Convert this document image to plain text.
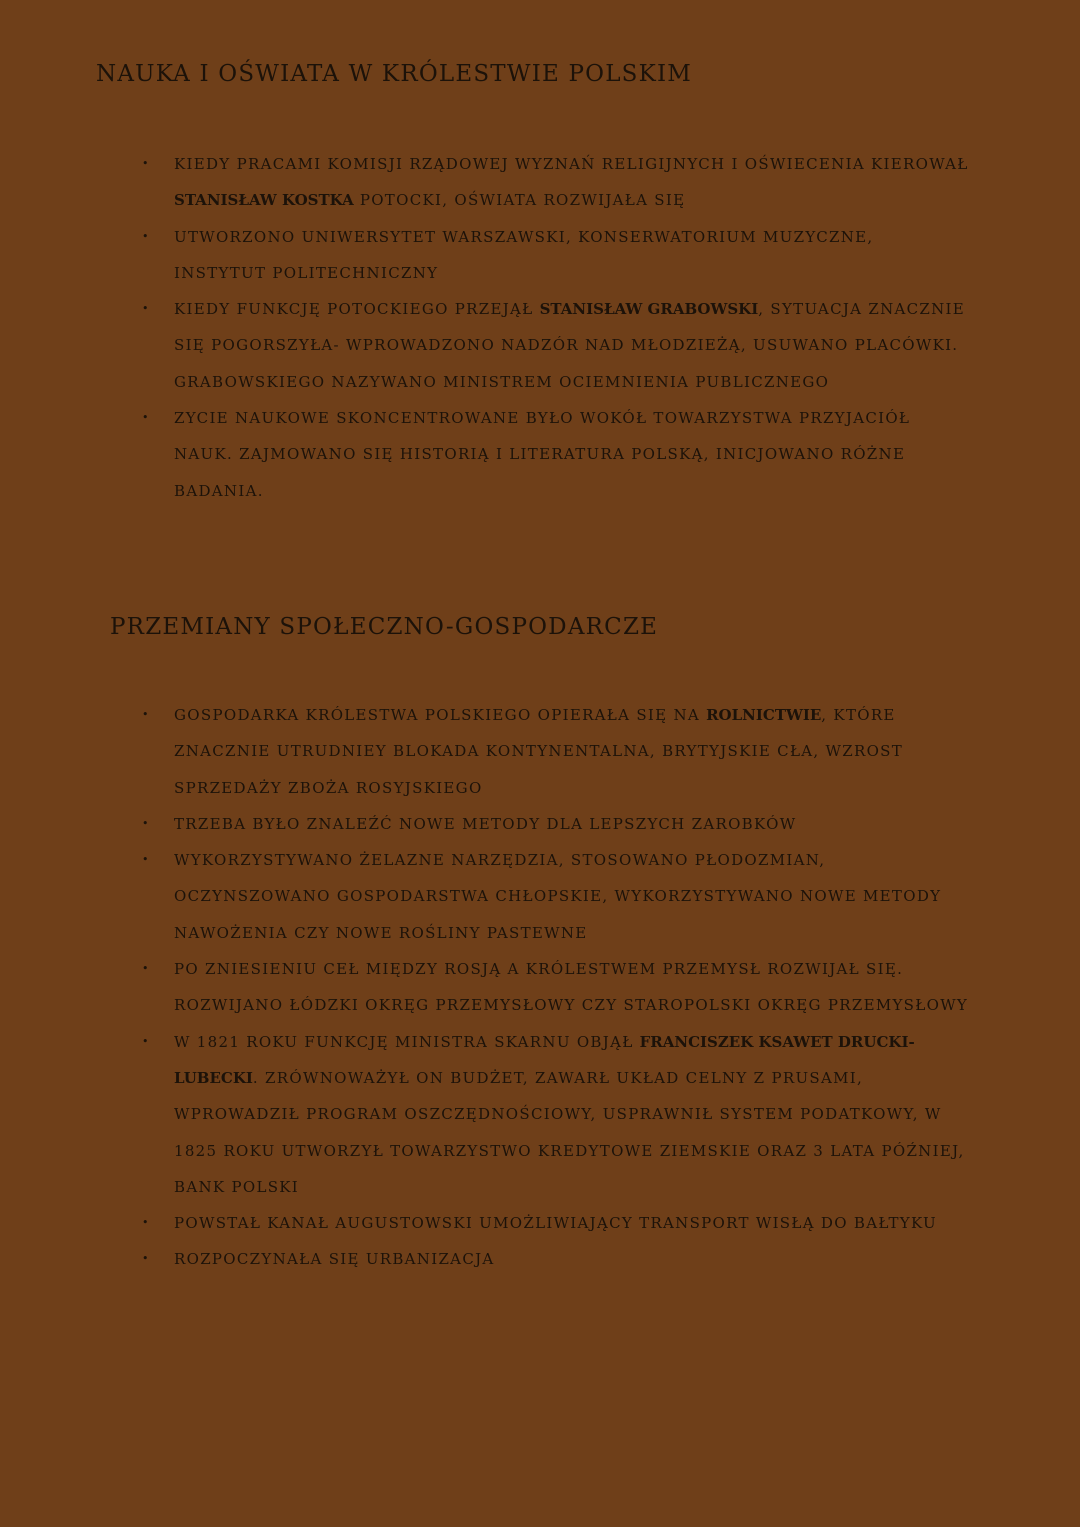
NAUKA I OŚWIATA W KRÓLESTWIE POLSKIM
• KIEDY PRACAMI KOMISJI RZĄDOWEJ WYZNAŃ RELIGIJNYCH I OŚWIECENIA KIEROWAŁ STANISŁAW KOSTKA POTOCKI, OŚWIATA ROZWIJAŁA SIĘ
• UTWORZONO UNIWERSYTET WARSZAWSKI, KONSERWATORIUM MUZYCZNE, INSTYTUT POLITECHNICZNY
• KIEDY FUNKCJĘ POTOCKIEGO PRZEJĄŁ STANISŁAW GRABOWSKI, SYTUACJA ZNACZNIE SIĘ POGORSZYŁA- WPROWADZONO NADZÓR NAD MŁODZIEŻĄ, USUWANO PLACÓWKI. GRABOWSKIEGO NAZYWANO MINISTREM OCIEMNIENIA PUBLICZNEGO
• ZYCIE NAUKOWE SKONCENTROWANE BYŁO WOKÓŁ TOWARZYSTWA PRZYJACIÓŁ NAUK. ZAJMOWANO SIĘ HISTORIĄ I LITERATURA POLSKĄ, INICJOWANO RÓŻNE BADANIA.
PRZEMIANY SPOŁECZNO-GOSPODARCZE
• GOSPODARKA KRÓLESTWA POLSKIEGO OPIERAŁA SIĘ NA ROLNICTWIE, KTÓRE ZNACZNIE UTRUDNIEY BLOKADA KONTYNENTALNA, BRYTYJSKIE CŁA, WZROST SPRZEDAŻY ZBOŻA ROSYJSKIEGO
• TRZEBA BYŁO ZNALEŹĆ NOWE METODY DLA LEPSZYCH ZAROBKÓW
• WYKORZYSTYWANO ŻELAZNE NARZĘDZIA, STOSOWANO PŁODOZMIAN, OCZYNSZOWANO GOSPODARSTWA CHŁOPSKIE, WYKORZYSTYWANO NOWE METODY NAWOŻENIA CZY NOWE ROŚLINY PASTEWNE
• PO ZNIESIENIU CEŁ MIĘDZY ROSJĄ A KRÓLESTWEM PRZEMYSŁ ROZWIJAŁ SIĘ. ROZWIJANO ŁÓDZKI OKRĘG PRZEMYSŁOWY CZY STAROPOLSKI OKRĘG PRZEMYSŁOWY
• W 1821 ROKU FUNKCJĘ MINISTRA SKARNU OBJĄŁ FRANCISZEK KSAWET DRUCKI-LUBECKI. ZRÓWNOWAŻYŁ ON BUDŻET, ZAWARŁ UKŁAD CELNY Z PRUSAMI, WPROWADZIŁ PROGRAM OSZCZĘDNOŚCIOWY, USPRAWNIŁ SYSTEM PODATKOWY, W 1825 ROKU UTWORZYŁ TOWARZYSTWO KREDYTOWE ZIEMSKIE ORAZ 3 LATA PÓŹNIEJ, BANK POLSKI
• POWSTAŁ KANAŁ AUGUSTOWSKI UMOŻLIWIAJĄCY TRANSPORT WISŁĄ DO BAŁTYKU
• ROZPOCZYNAŁA SIĘ URBANIZACJA
